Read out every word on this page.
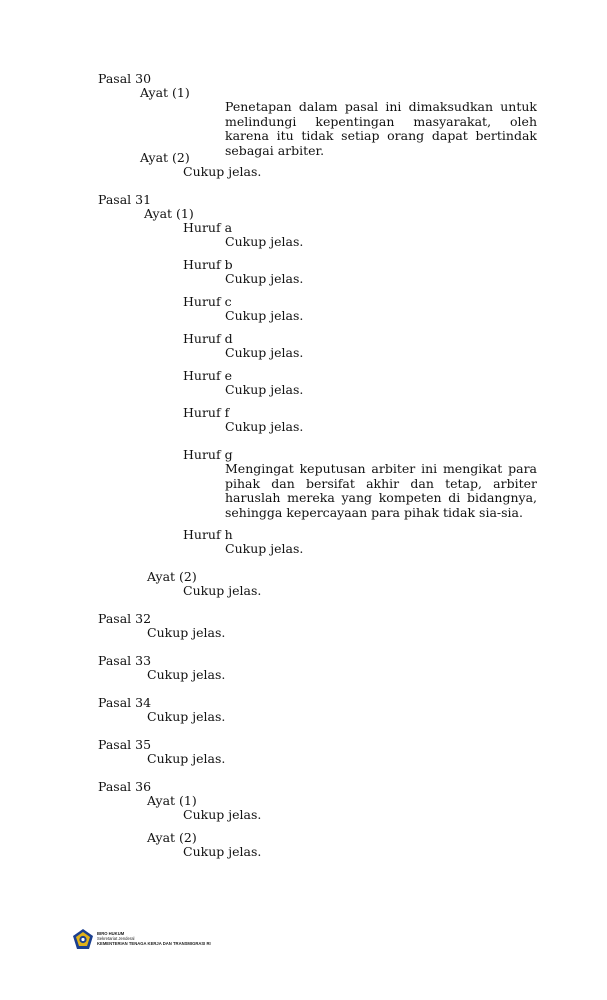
Pasal 30
Ayat (1)
Penetapan dalam pasal ini dimaksudkan untuk melindungi kepentingan masyarakat, oleh karena itu tidak setiap orang dapat bertindak sebagai arbiter.
Ayat (2)
Cukup jelas.
Pasal 31
Ayat (1)
Huruf a
Cukup jelas.
Huruf b
Cukup jelas.
Huruf c
Cukup jelas.
Huruf d
Cukup jelas.
Huruf e
Cukup jelas.
Huruf f
Cukup jelas.
Huruf g
Mengingat keputusan arbiter ini mengikat para pihak dan bersifat akhir dan tetap, arbiter haruslah mereka yang kompeten di bidangnya, sehingga kepercayaan para pihak tidak sia-sia.
Huruf h
Cukup jelas.
Ayat (2)
Cukup jelas.
Pasal 32
Cukup jelas.
Pasal 33
Cukup jelas.
Pasal 34
Cukup jelas.
Pasal 35
Cukup jelas.
Pasal 36
Ayat (1)
Cukup jelas.
Ayat (2)
Cukup jelas.
BIRO HUKUM
Sekretariat Jenderal
KEMENTERIAN TENAGA KERJA DAN TRANSMIGRASI RI
